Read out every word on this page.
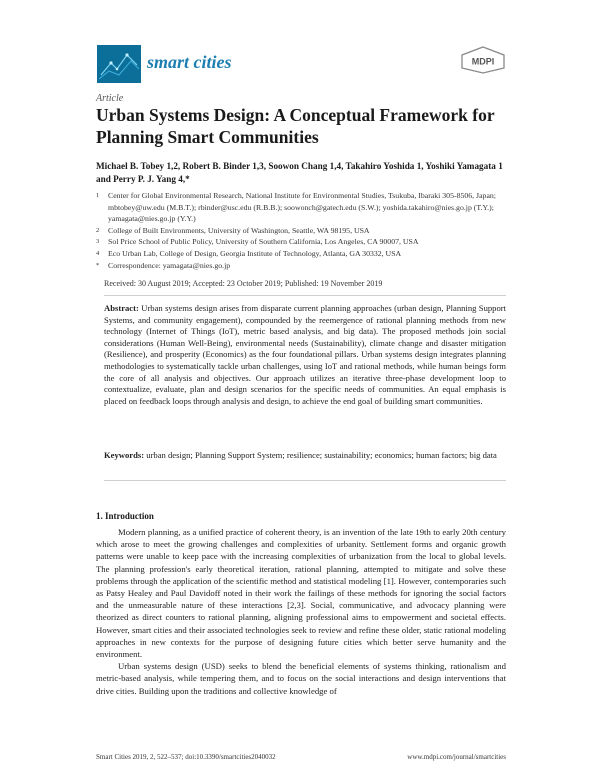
smart cities	MDPI
Article
Urban Systems Design: A Conceptual Framework for Planning Smart Communities
Michael B. Tobey 1,2, Robert B. Binder 1,3, Soowon Chang 1,4, Takahiro Yoshida 1, Yoshiki Yamagata 1 and Perry P. J. Yang 4,*
1 Center for Global Environmental Research, National Institute for Environmental Studies, Tsukuba, Ibaraki 305-8506, Japan; mbtobey@uw.edu (M.B.T.); rbinder@usc.edu (R.B.B.); soowonch@gatech.edu (S.W.); yoshida.takahiro@nies.go.jp (T.Y.); yamagata@nies.go.jp (Y.Y.)
2 College of Built Environments, University of Washington, Seattle, WA 98195, USA
3 Sol Price School of Public Policy, University of Southern California, Los Angeles, CA 90007, USA
4 Eco Urban Lab, College of Design, Georgia Institute of Technology, Atlanta, GA 30332, USA
* Correspondence: yamagata@nies.go.jp
Received: 30 August 2019; Accepted: 23 October 2019; Published: 19 November 2019
Abstract: Urban systems design arises from disparate current planning approaches (urban design, Planning Support Systems, and community engagement), compounded by the reemergence of rational planning methods from new technology (Internet of Things (IoT), metric based analysis, and big data). The proposed methods join social considerations (Human Well-Being), environmental needs (Sustainability), climate change and disaster mitigation (Resilience), and prosperity (Economics) as the four foundational pillars. Urban systems design integrates planning methodologies to systematically tackle urban challenges, using IoT and rational methods, while human beings form the core of all analysis and objectives. Our approach utilizes an iterative three-phase development loop to contextualize, evaluate, plan and design scenarios for the specific needs of communities. An equal emphasis is placed on feedback loops through analysis and design, to achieve the end goal of building smart communities.
Keywords: urban design; Planning Support System; resilience; sustainability; economics; human factors; big data
1. Introduction

Modern planning, as a unified practice of coherent theory, is an invention of the late 19th to early 20th century which arose to meet the growing challenges and complexities of urbanity. Settlement forms and organic growth patterns were unable to keep pace with the increasing complexities of urbanization from the local to global levels. The planning profession's early theoretical iteration, rational planning, attempted to mitigate and solve these problems through the application of the scientific method and statistical modeling [1]. However, contemporaries such as Patsy Healey and Paul Davidoff noted in their work the failings of these methods for ignoring the social factors and the unmeasurable nature of these interactions [2,3]. Social, communicative, and advocacy planning were theorized as direct counters to rational planning, aligning professional aims to empowerment and societal effects. However, smart cities and their associated technologies seek to review and refine these older, static rational modeling approaches in new contexts for the purpose of designing future cities which better serve humanity and the environment.

Urban systems design (USD) seeks to blend the beneficial elements of systems thinking, rationalism and metric-based analysis, while tempering them, and to focus on the social interactions and design interventions that drive cities. Building upon the traditions and collective knowledge of

Smart Cities 2019, 2, 522–537; doi:10.3390/smartcities2040032	www.mdpi.com/journal/smartcities
